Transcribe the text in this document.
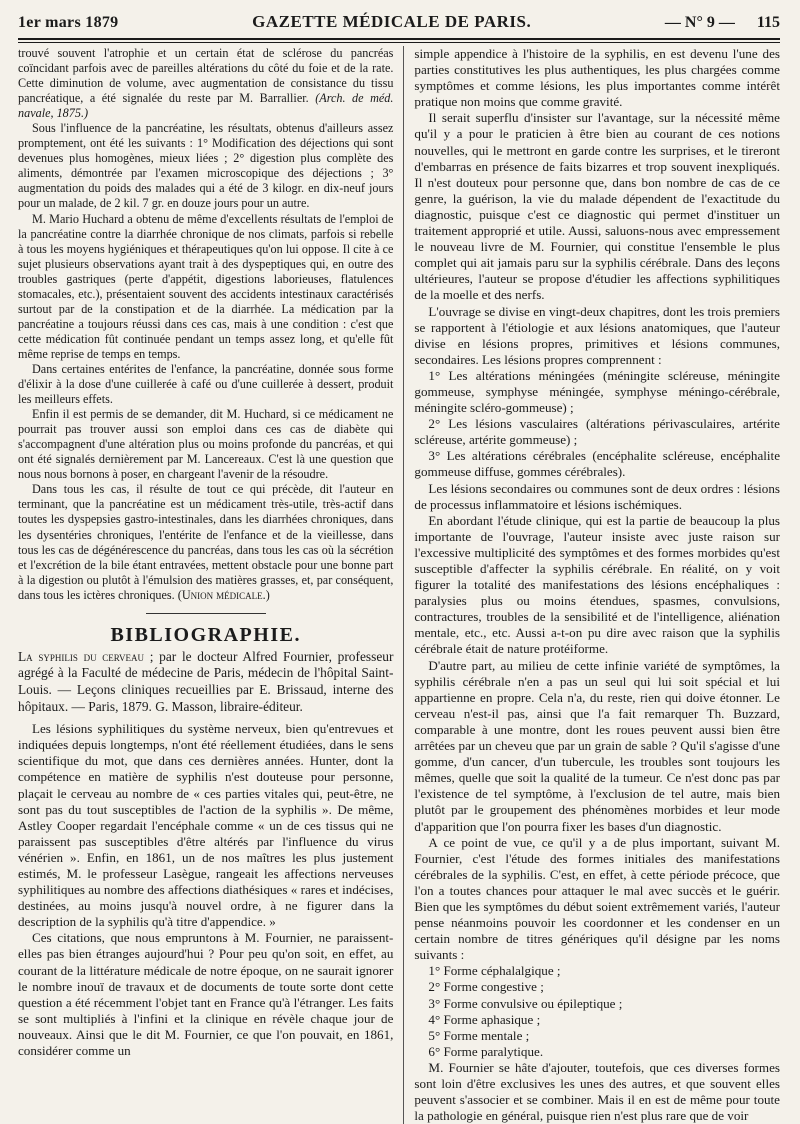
1er mars 1879	GAZETTE MÉDICALE DE PARIS.	— N° 9 — 115

trouvé souvent l'atrophie et un certain état de sclérose du pancréas coïncidant parfois avec de pareilles altérations du côté du foie et de la rate. Cette diminution de volume, avec augmentation de consistance du tissu pancréatique, a été signalée du reste par M. Barrallier. (Arch. de méd. navale, 1875.)

Sous l'influence de la pancréatine, les résultats, obtenus d'ailleurs assez promptement, ont été les suivants : 1° Modification des déjections qui sont devenues plus homogènes, mieux liées ; 2° digestion plus complète des aliments, démontrée par l'examen microscopique des déjections ; 3° augmentation du poids des malades qui a été de 3 kilogr. en dix-neuf jours pour un malade, de 2 kil. 7 gr. en douze jours pour un autre.

M. Mario Huchard a obtenu de même d'excellents résultats de l'emploi de la pancréatine contre la diarrhée chronique de nos climats, parfois si rebelle à tous les moyens hygiéniques et thérapeutiques qu'on lui oppose. Il cite à ce sujet plusieurs observations ayant trait à des dyspeptiques qui, en outre des troubles gastriques (perte d'appétit, digestions laborieuses, flatulences stomacales, etc.), présentaient souvent des accidents intestinaux caractérisés surtout par de la constipation et de la diarrhée. La médication par la pancréatine a toujours réussi dans ces cas, mais à une condition : c'est que cette médication fût continuée pendant un temps assez long, et qu'elle fût même reprise de temps en temps.

Dans certaines entérites de l'enfance, la pancréatine, donnée sous forme d'élixir à la dose d'une cuillerée à café ou d'une cuillerée à dessert, produit les meilleurs effets.

Enfin il est permis de se demander, dit M. Huchard, si ce médicament ne pourrait pas trouver aussi son emploi dans ces cas de diabète qui s'accompagnent d'une altération plus ou moins profonde du pancréas, et qui ont été signalés dernièrement par M. Lancereaux. C'est là une question que nous nous bornons à poser, en chargeant l'avenir de la résoudre.

Dans tous les cas, il résulte de tout ce qui précède, dit l'auteur en terminant, que la pancréatine est un médicament très-utile, très-actif dans toutes les dyspepsies gastro-intestinales, dans les diarrhées chroniques, dans les dysentéries chroniques, l'entérite de l'enfance et de la vieillesse, dans tous les cas de dégénérescence du pancréas, dans tous les cas où la sécrétion et l'excrétion de la bile étant entravées, mettent obstacle pour une bonne part à la digestion ou plutôt à l'émulsion des matières grasses, et, par conséquent, dans tous les ictères chroniques. (Union médicale.)

BIBLIOGRAPHIE.

La syphilis du cerveau ; par le docteur Alfred Fournier, professeur agrégé à la Faculté de médecine de Paris, médecin de l'hôpital Saint-Louis. — Leçons cliniques recueillies par E. Brissaud, interne des hôpitaux. — Paris, 1879. G. Masson, libraire-éditeur.

Les lésions syphilitiques du système nerveux, bien qu'entrevues et indiquées depuis longtemps, n'ont été réellement étudiées, dans le sens scientifique du mot, que dans ces dernières années. Hunter, dont la compétence en matière de syphilis n'est douteuse pour personne, plaçait le cerveau au nombre de « ces parties vitales qui, peut-être, ne sont pas du tout susceptibles de l'action de la syphilis ». De même, Astley Cooper regardait l'encéphale comme « un de ces tissus qui ne paraissent pas susceptibles d'être altérés par l'influence du virus vénérien ». Enfin, en 1861, un de nos maîtres les plus justement estimés, M. le professeur Lasègue, rangeait les affections nerveuses syphilitiques au nombre des affections diathésiques « rares et indécises, destinées, au moins jusqu'à nouvel ordre, à ne figurer dans la description de la syphilis qu'à titre d'appendice. »

Ces citations, que nous empruntons à M. Fournier, ne paraissent-elles pas bien étranges aujourd'hui ? Pour peu qu'on soit, en effet, au courant de la littérature médicale de notre époque, on ne saurait ignorer le nombre inouï de travaux et de documents de toute sorte dont cette question a été récemment l'objet tant en France qu'à l'étranger. Les faits se sont multipliés à l'infini et la clinique en révèle chaque jour de nouveaux. Ainsi que le dit M. Fournier, ce que l'on pouvait, en 1861, considérer comme un

simple appendice à l'histoire de la syphilis, en est devenu l'une des parties constitutives les plus authentiques, les plus chargées comme symptômes et comme lésions, les plus importantes comme intérêt pratique non moins que comme gravité.

Il serait superflu d'insister sur l'avantage, sur la nécessité même qu'il y a pour le praticien à être bien au courant de ces notions nouvelles, qui le mettront en garde contre les surprises, et le tireront d'embarras en présence de faits bizarres et trop souvent inexpliqués. Il n'est douteux pour personne que, dans bon nombre de cas de ce genre, la guérison, la vie du malade dépendent de l'exactitude du diagnostic, puisque c'est ce diagnostic qui permet d'instituer un traitement approprié et utile. Aussi, saluons-nous avec empressement le nouveau livre de M. Fournier, qui constitue l'ensemble le plus complet qui ait jamais paru sur la syphilis cérébrale. Dans des leçons ultérieures, l'auteur se propose d'étudier les affections syphilitiques de la moelle et des nerfs.

L'ouvrage se divise en vingt-deux chapitres, dont les trois premiers se rapportent à l'étiologie et aux lésions anatomiques, que l'auteur divise en lésions propres, primitives et lésions communes, secondaires. Les lésions propres comprennent :

1° Les altérations méningées (méningite scléreuse, méningite gommeuse, symphyse méningée, symphyse méningo-cérébrale, méningite scléro-gommeuse) ;

2° Les lésions vasculaires (altérations périvasculaires, artérite scléreuse, artérite gommeuse) ;

3° Les altérations cérébrales (encéphalite scléreuse, encéphalite gommeuse diffuse, gommes cérébrales).

Les lésions secondaires ou communes sont de deux ordres : lésions de processus inflammatoire et lésions ischémiques.

En abordant l'étude clinique, qui est la partie de beaucoup la plus importante de l'ouvrage, l'auteur insiste avec juste raison sur l'excessive multiplicité des symptômes et des formes morbides qu'est susceptible d'affecter la syphilis cérébrale. En réalité, on y voit figurer la totalité des manifestations des lésions encéphaliques : paralysies plus ou moins étendues, spasmes, convulsions, contractures, troubles de la sensibilité et de l'intelligence, aliénation mentale, etc., etc. Aussi a-t-on pu dire avec raison que la syphilis cérébrale était de nature protéiforme.

D'autre part, au milieu de cette infinie variété de symptômes, la syphilis cérébrale n'en a pas un seul qui lui soit spécial et lui appartienne en propre. Cela n'a, du reste, rien qui doive étonner. Le cerveau n'est-il pas, ainsi que l'a fait remarquer Th. Buzzard, comparable à une montre, dont les roues peuvent aussi bien être arrêtées par un cheveu que par un grain de sable ? Qu'il s'agisse d'une gomme, d'un cancer, d'un tubercule, les troubles sont toujours les mêmes, quelle que soit la qualité de la tumeur. Ce n'est donc pas par l'existence de tel symptôme, à l'exclusion de tel autre, mais bien plutôt par le groupement des phénomènes morbides et leur mode d'apparition que l'on pourra fixer les bases d'un diagnostic.

A ce point de vue, ce qu'il y a de plus important, suivant M. Fournier, c'est l'étude des formes initiales des manifestations cérébrales de la syphilis. C'est, en effet, à cette période précoce, que l'on a toutes chances pour attaquer le mal avec succès et le guérir. Bien que les symptômes du début soient extrêmement variés, l'auteur pense néanmoins pouvoir les coordonner et les condenser en un certain nombre de titres génériques qu'il désigne par les noms suivants :

1° Forme céphalalgique ;

2° Forme congestive ;

3° Forme convulsive ou épileptique ;

4° Forme aphasique ;

5° Forme mentale ;

6° Forme paralytique.

M. Fournier se hâte d'ajouter, toutefois, que ces diverses formes sont loin d'être exclusives les unes des autres, et que souvent elles peuvent s'associer et se combiner. Mais il en est de même pour toute la pathologie en général, puisque rien n'est plus rare que de voir
